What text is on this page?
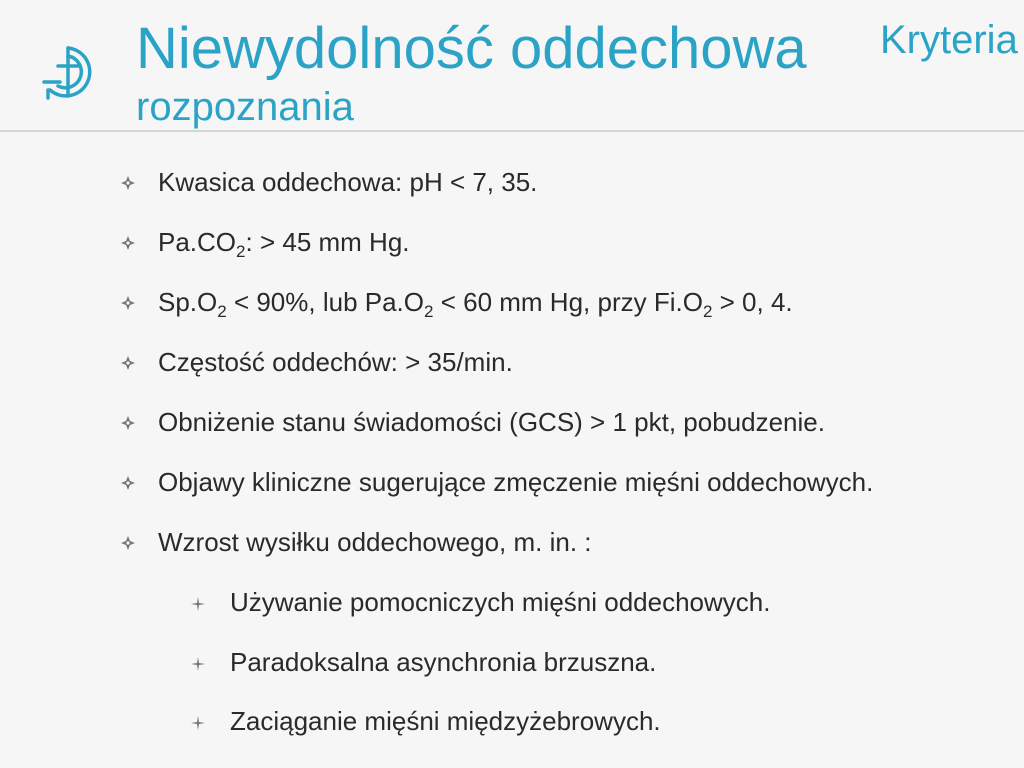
Niewydolność oddechowa Kryteria
rozpoznania
Kwasica oddechowa: pH < 7, 35.
$Pa.CO_2$: > 45 mm Hg.
$Sp.O_2 < 90\%$, lub $Pa.O_2 < 60$ mm Hg, przy $Fi.O_2 > 0$, 4.
Częstość oddechów: > 35/min.
Obniżenie stanu świadomości (GCS) > 1 pkt, pobudzenie.
Objawy kliniczne sugerujące zmęczenie mięśni oddechowych.
Wzrost wysiłku oddechowego, m. in. :
Używanie pomocniczych mięśni oddechowych.
Paradoksalna asynchronia brzuszna.
Zaciąganie mięśni międzyżebrowych.
